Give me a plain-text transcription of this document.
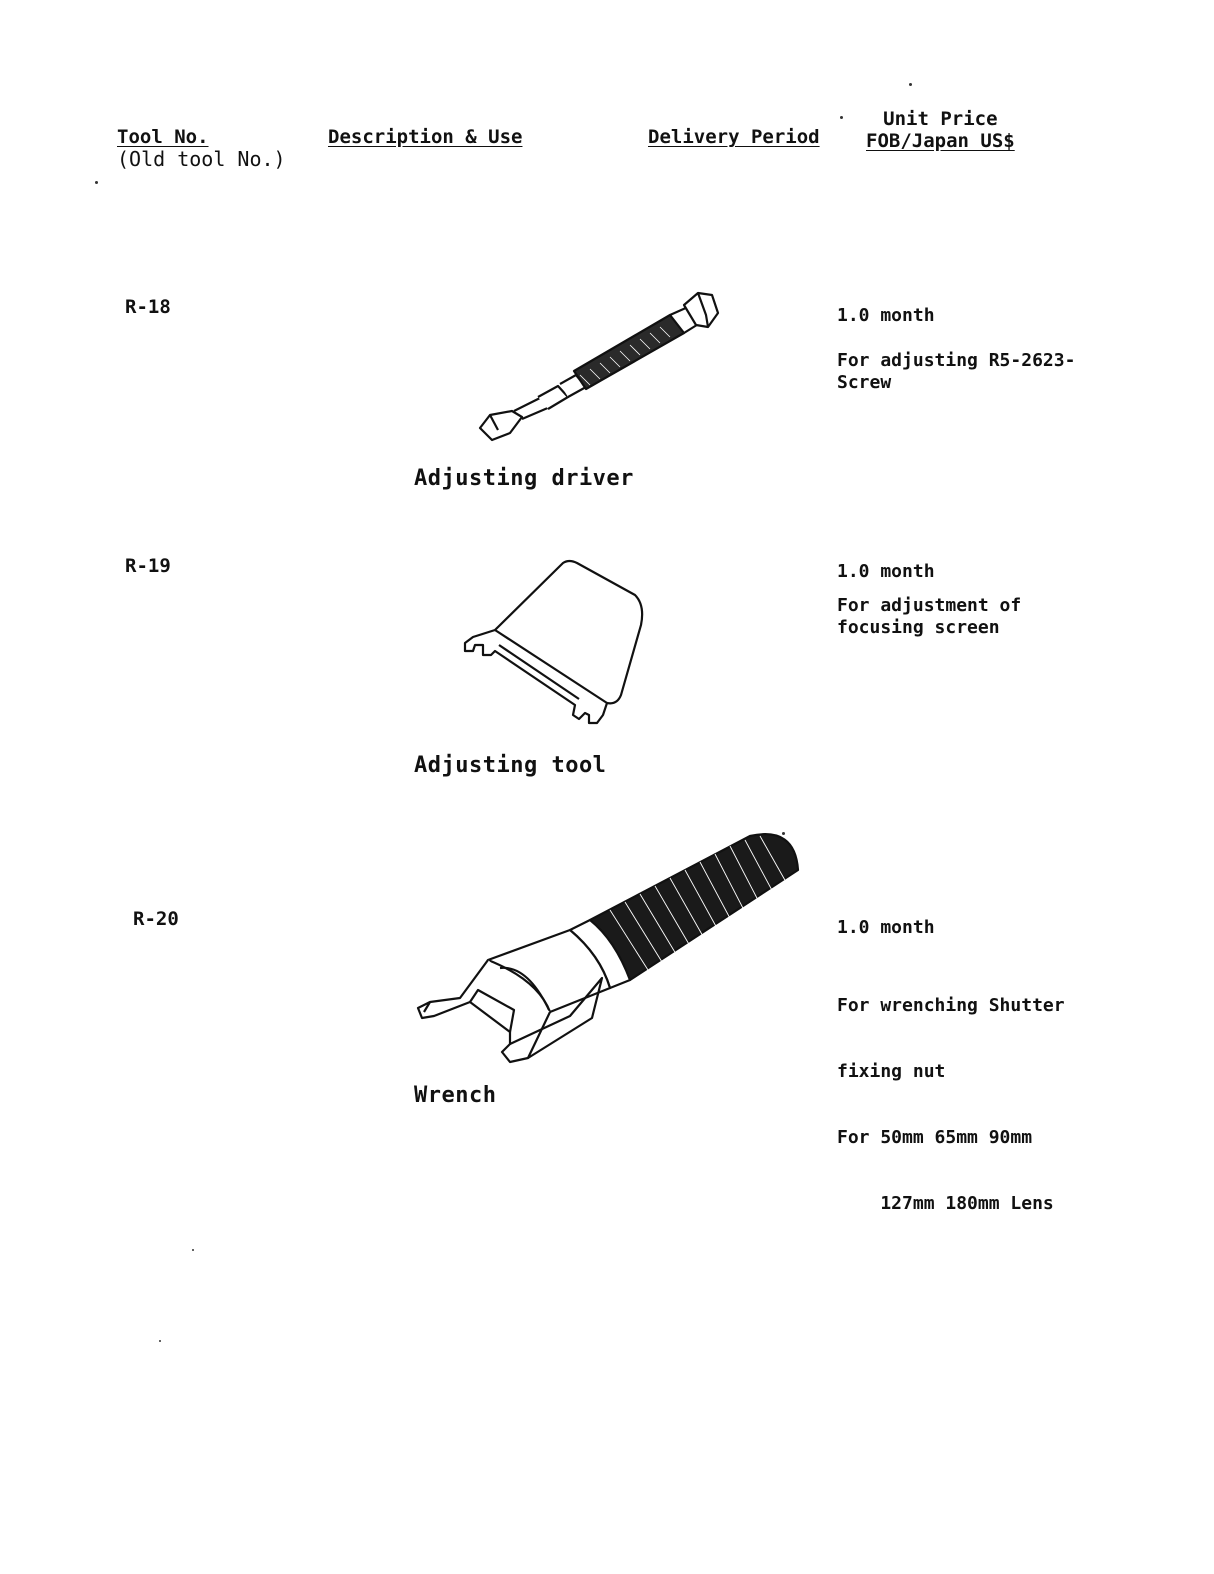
Tool No.
(Old tool No.)
Description & Use	Delivery Period
Unit Price
FOB/Japan US$
R-18
Adjusting driver
1.0 month
For adjusting R5-2623-
Screw
R-19
Adjusting tool
1.0 month
For adjustment of
focusing screen
R-20
Wrench
1.0 month

For wrenching Shutter

fixing nut

For 50mm 65mm 90mm

127mm 180mm Lens
